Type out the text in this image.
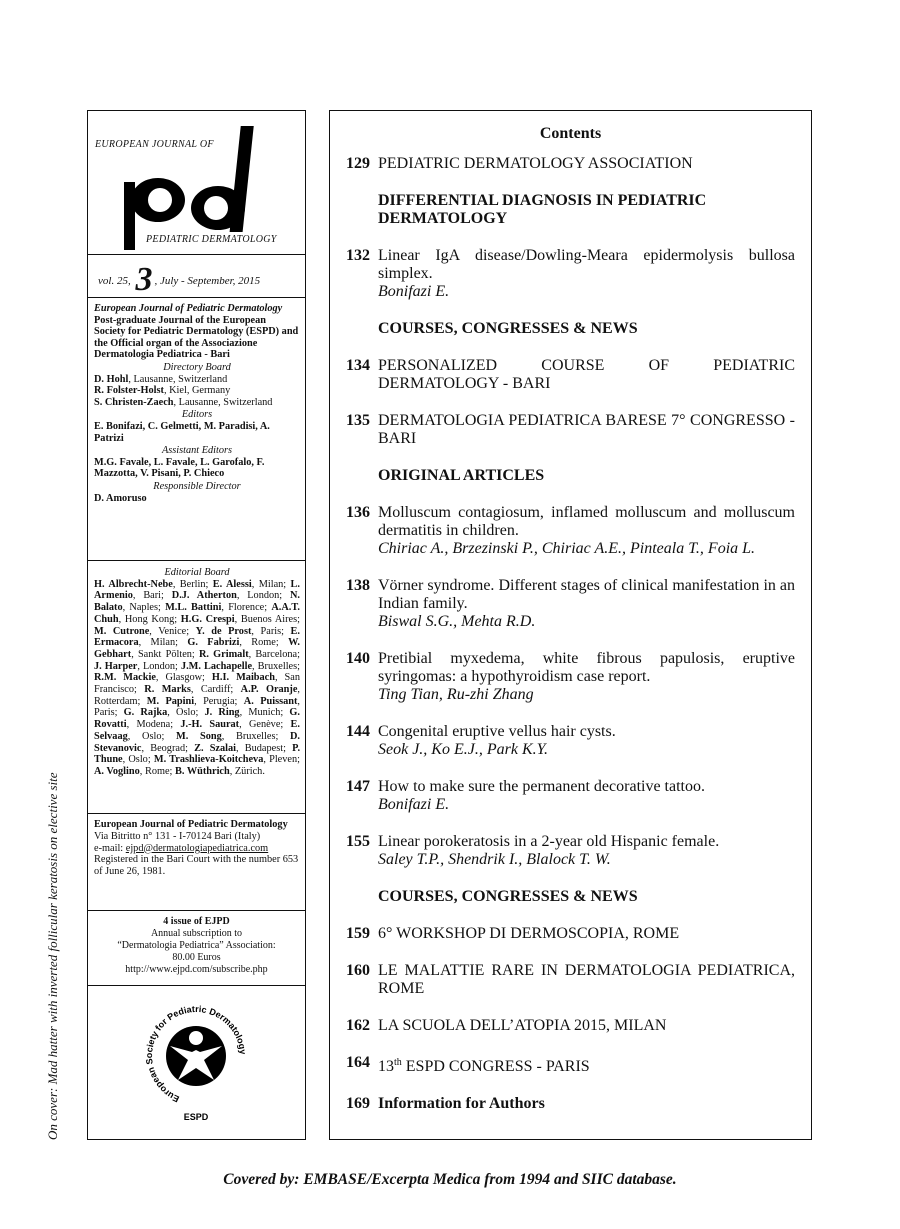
EUROPEAN JOURNAL OF
PEDIATRIC DERMATOLOGY
vol. 25, 3 , July - September, 2015
European Journal of Pediatric Dermatology Post-graduate Journal of the European Society for Pediatric Dermatology (ESPD) and the Official organ of the Associazione Dermatologia Pediatrica - Bari
Directory Board
D. Hohl, Lausanne, Switzerland
R. Folster-Holst, Kiel, Germany
S. Christen-Zaech, Lausanne, Switzerland
Editors
E. Bonifazi, C. Gelmetti, M. Paradisi, A. Patrizi
Assistant Editors
M.G. Favale, L. Favale, L. Garofalo, F. Mazzotta, V. Pisani, P. Chieco
Responsible Director
D. Amoruso
Editorial Board
H. Albrecht-Nebe, Berlin; E. Alessi, Milan; L. Armenio, Bari; D.J. Atherton, London; N. Balato, Naples; M.L. Battini, Florence; A.A.T. Chuh, Hong Kong; H.G. Crespi, Buenos Aires; M. Cutrone, Venice; Y. de Prost, Paris; E. Ermacora, Milan; G. Fabrizi, Rome; W. Gebhart, Sankt Pölten; R. Grimalt, Barcelona; J. Harper, London; J.M. Lachapelle, Bruxelles; R.M. Mackie, Glasgow; H.I. Maibach, San Francisco; R. Marks, Cardiff; A.P. Oranje, Rotterdam; M. Papini, Perugia; A. Puissant, Paris; G. Rajka, Oslo; J. Ring, Munich; G. Rovatti, Modena; J.-H. Saurat, Genève; E. Selvaag, Oslo; M. Song, Bruxelles; D. Stevanovic, Beograd; Z. Szalai, Budapest; P. Thune, Oslo; M. Trashlieva-Koitcheva, Pleven; A. Voglino, Rome; B. Wüthrich, Zürich.
European Journal of Pediatric Dermatology
Via Bitritto n° 131 - I-70124 Bari (Italy)
e-mail: ejpd@dermatologiapediatrica.com
Registered in the Bari Court with the number 653 of June 26, 1981.
4 issue of EJPD
Annual subscription to
“Dermatologia Pediatrica” Association:
80.00 Euros
http://www.ejpd.com/subscribe.php
European Society for Pediatric Dermatology
ESPD
Contents
129 PEDIATRIC DERMATOLOGY ASSOCIATION
DIFFERENTIAL DIAGNOSIS IN PEDIATRIC DERMATOLOGY
132 Linear IgA disease/Dowling-Meara epidermolysis bullosa simplex.
Bonifazi E.
COURSES, CONGRESSES & NEWS
134 PERSONALIZED COURSE OF PEDIATRIC DERMATOLOGY - BARI
135 DERMATOLOGIA PEDIATRICA BARESE 7° CONGRESSO - BARI
ORIGINAL ARTICLES
136 Molluscum contagiosum, inflamed molluscum and molluscum dermatitis in children.
Chiriac A., Brzezinski P., Chiriac A.E., Pinteala T., Foia L.
138 Vörner syndrome. Different stages of clinical manifestation in an Indian family.
Biswal S.G., Mehta R.D.
140 Pretibial myxedema, white fibrous papulosis, eruptive syringomas: a hypothyroidism case report.
Ting Tian, Ru-zhi Zhang
144 Congenital eruptive vellus hair cysts.
Seok J., Ko E.J., Park K.Y.
147 How to make sure the permanent decorative tattoo.
Bonifazi E.
155 Linear porokeratosis in a 2-year old Hispanic female.
Saley T.P., Shendrik I., Blalock T. W.
COURSES, CONGRESSES & NEWS
159 6° WORKSHOP DI DERMOSCOPIA, ROME
160 LE MALATTIE RARE IN DERMATOLOGIA PEDIATRICA, ROME
162 LA SCUOLA DELL’ATOPIA 2015, MILAN
164 13th ESPD CONGRESS - PARIS
169 Information for Authors
On cover: Mad hatter with inverted follicular keratosis on elective site
Covered by: EMBASE/Excerpta Medica from 1994 and SIIC database.
